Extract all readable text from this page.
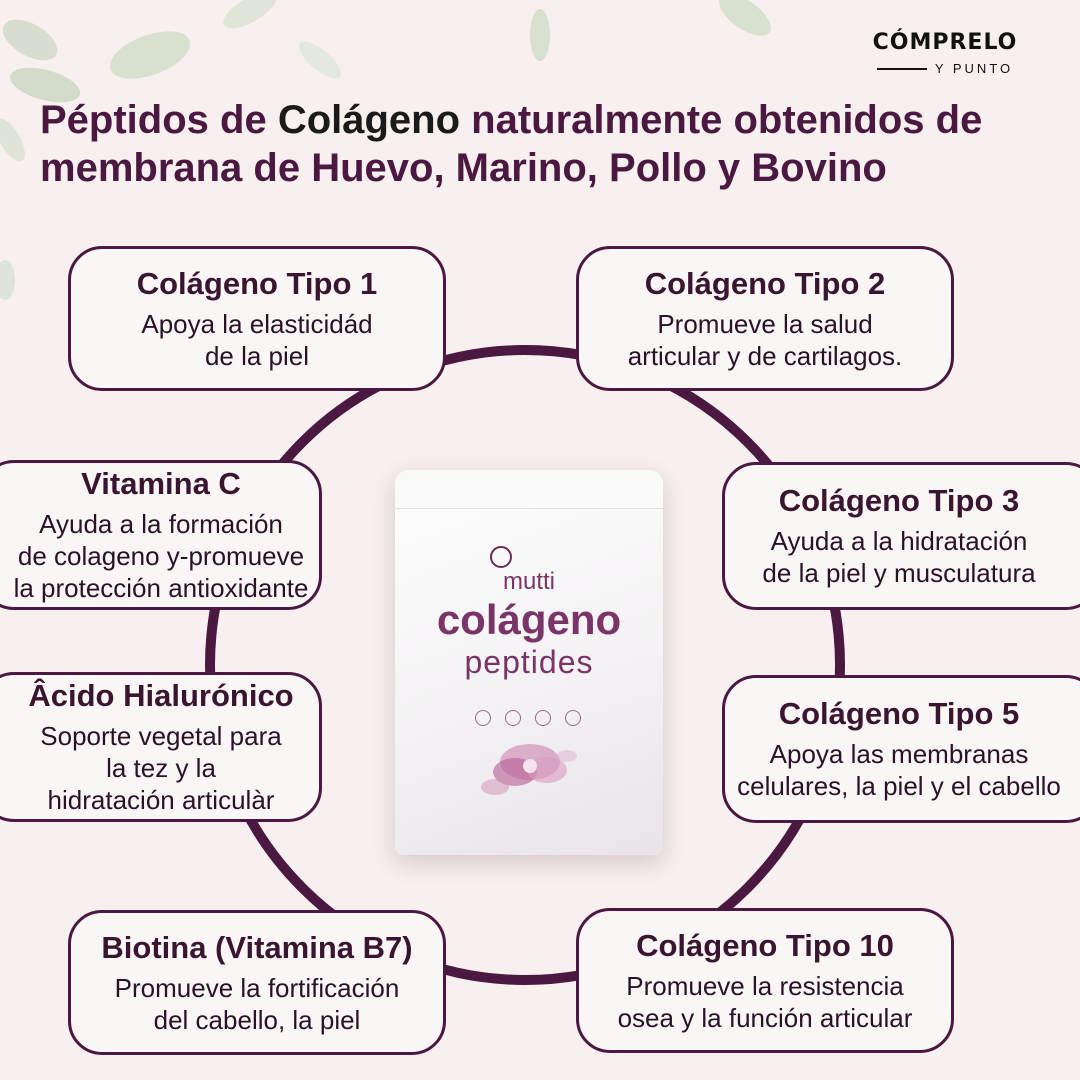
CÓMPRELO
Y PUNTO
Péptidos de Colágeno naturalmente obtenidos de membrana de Huevo, Marino, Pollo y Bovino
mutti
colágeno
peptides
Colágeno Tipo 1
Apoya la elasticidád
de la piel
Colágeno Tipo 2
Promueve la salud
articular y de cartilagos.
Vitamina C
Ayuda a la formación
de colageno y-promueve
la protección antioxidante
Colágeno Tipo 3
Ayuda a la hidratación
de la piel y musculatura
Âcido Hialurónico
Soporte vegetal para
la tez y la
hidratación articulàr
Colágeno Tipo 5
Apoya las membranas
celulares, la piel y el cabello
Biotina (Vitamina B7)
Promueve la fortificación
del cabello, la piel
Colágeno Tipo 10
Promueve la resistencia
osea y la función articular
